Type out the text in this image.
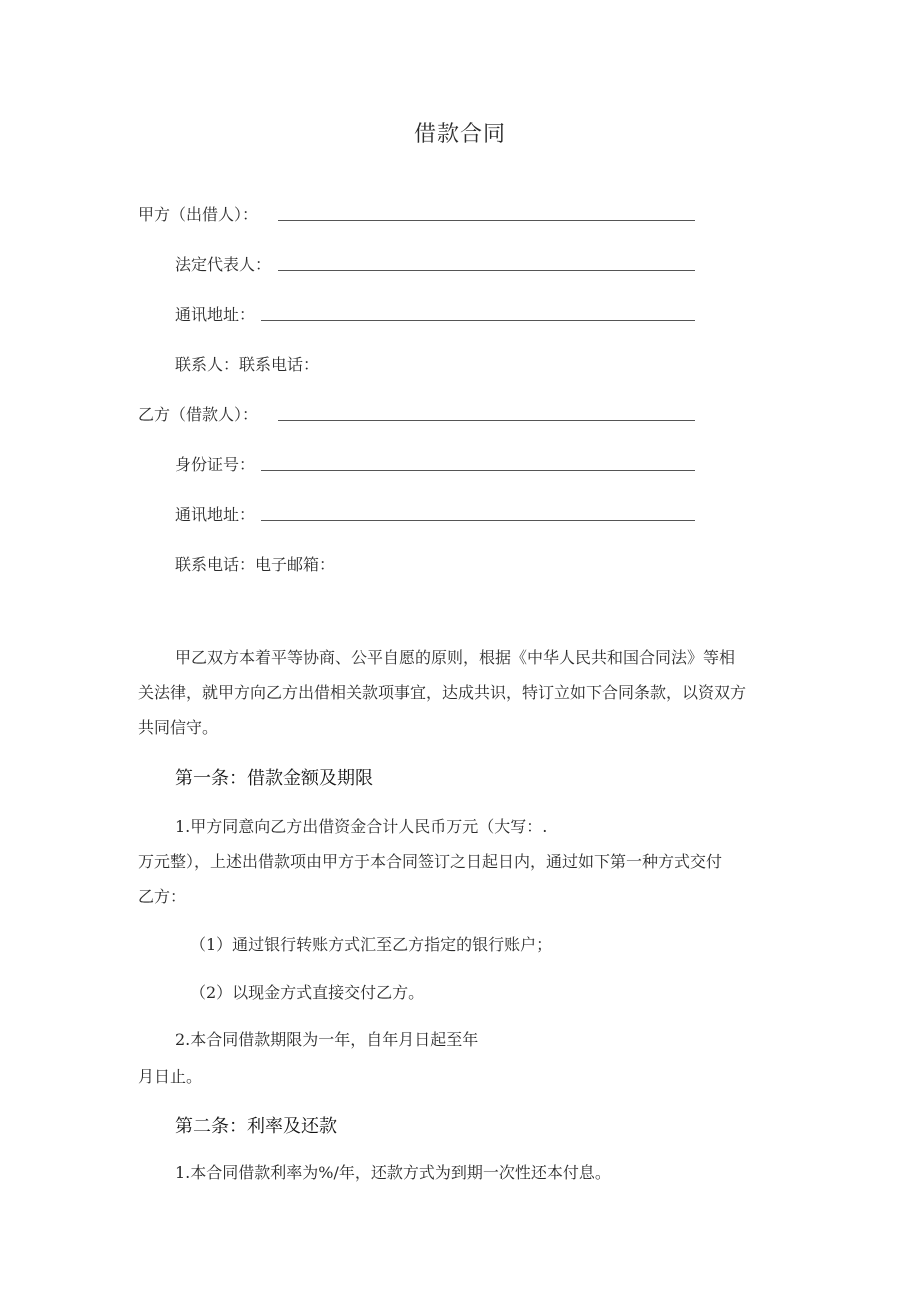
借款合同
甲方（出借人）：
法定代表人：
通讯地址：
联系人：联系电话：
乙方（借款人）：
身份证号：
通讯地址：
联系电话：电子邮箱：
甲乙双方本着平等协商、公平自愿的原则，根据《中华人民共和国合同法》等相
关法律，就甲方向乙方出借相关款项事宜，达成共识，特订立如下合同条款，以资双方
共同信守。
第一条：借款金额及期限
1.甲方同意向乙方出借资金合计人民币万元（大写：.
万元整），上述出借款项由甲方于本合同签订之日起日内，通过如下第一种方式交付
乙方：
（1）通过银行转账方式汇至乙方指定的银行账户；
（2）以现金方式直接交付乙方。
2.本合同借款期限为一年，自年月日起至年
月日止。
第二条：利率及还款
1.本合同借款利率为%/年，还款方式为到期一次性还本付息。
